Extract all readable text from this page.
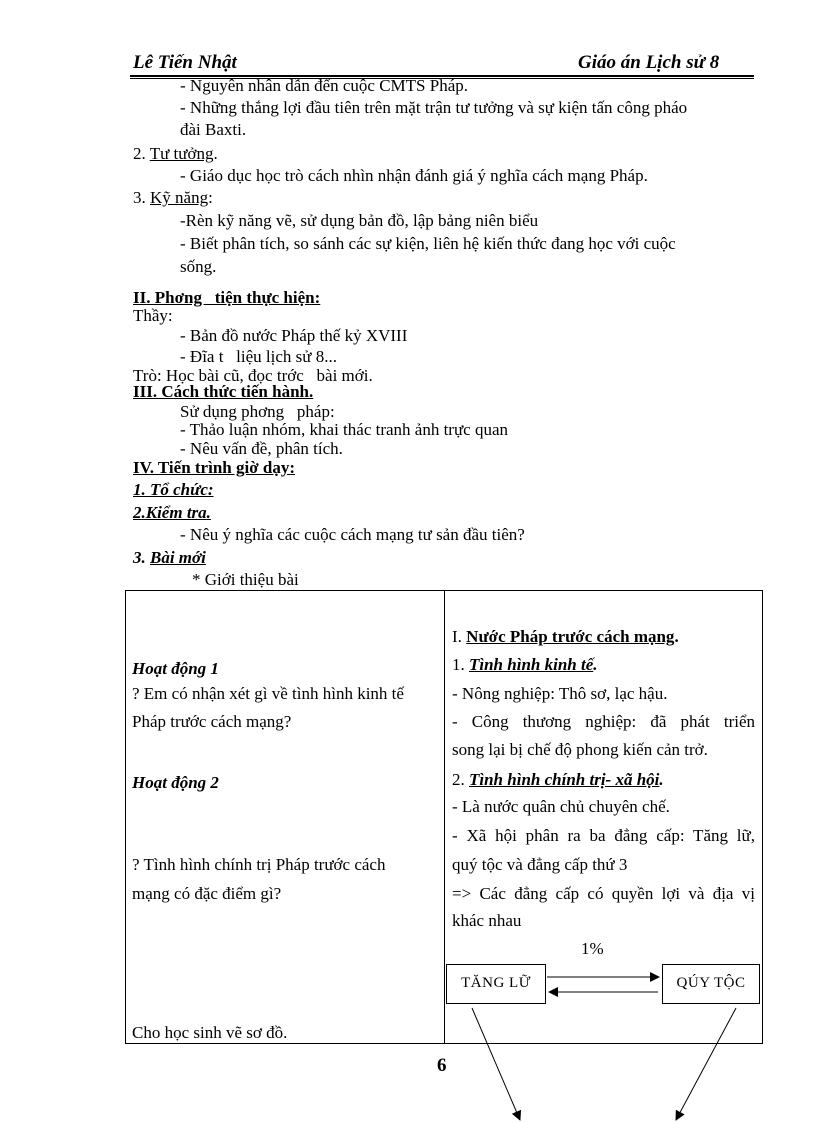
Lê Tiến Nhật	Giáo án Lịch sử 8
- Nguyên nhân dẫn đến cuộc CMTS Pháp.
- Những thắng lợi đầu tiên trên mặt trận tư tưởng và sự kiện tấn công pháo
đài Baxti.
2. Tư tưởng.
- Giáo dục học trò cách nhìn nhận đánh giá ý nghĩa cách mạng Pháp.
3. Kỹ năng:
-Rèn kỹ năng vẽ, sử dụng bản đồ, lập bảng niên biểu
- Biết phân tích, so sánh các sự kiện, liên hệ kiến thức đang học với cuộc
sống.
II. Phơng   tiện thực hiện:
Thầy:
- Bản đồ nước Pháp thế kỷ XVIII
- Đĩa t   liệu lịch sử 8...
Trò: Học bài cũ, đọc trớc   bài mới.
III. Cách thức tiến hành.
Sử dụng phơng   pháp:
- Thảo luận nhóm, khai thác tranh ảnh trực quan
- Nêu vấn đề, phân tích.
IV. Tiến trình giờ dạy:
1. Tổ chức:
2.Kiểm tra.
- Nêu ý nghĩa các cuộc cách mạng tư sản đầu tiên?
3. Bài mới
* Giới thiệu bài
Hoạt động 1
? Em có nhận xét gì về tình hình kinh tế
Pháp trước cách mạng?
Hoạt động 2
? Tình hình chính trị Pháp trước cách
mạng có đặc điểm gì?
Cho học sinh vẽ sơ đồ.
I. Nước Pháp trước cách mạng.
1. Tình hình kinh tế.
- Nông nghiệp: Thô sơ, lạc hậu.
- Công thương nghiệp: đã phát triển
song lại bị chế độ phong kiến cản trở.
2. Tình hình chính trị- xã hội.
- Là nước quân chủ chuyên chế.
- Xã hội phân ra ba đẳng cấp: Tăng lữ,
quý tộc và đẳng cấp thứ 3
=> Các đẳng cấp có quyền lợi và địa vị
khác nhau
1%
TĂNG LỮ	QÚY TỘC
6
